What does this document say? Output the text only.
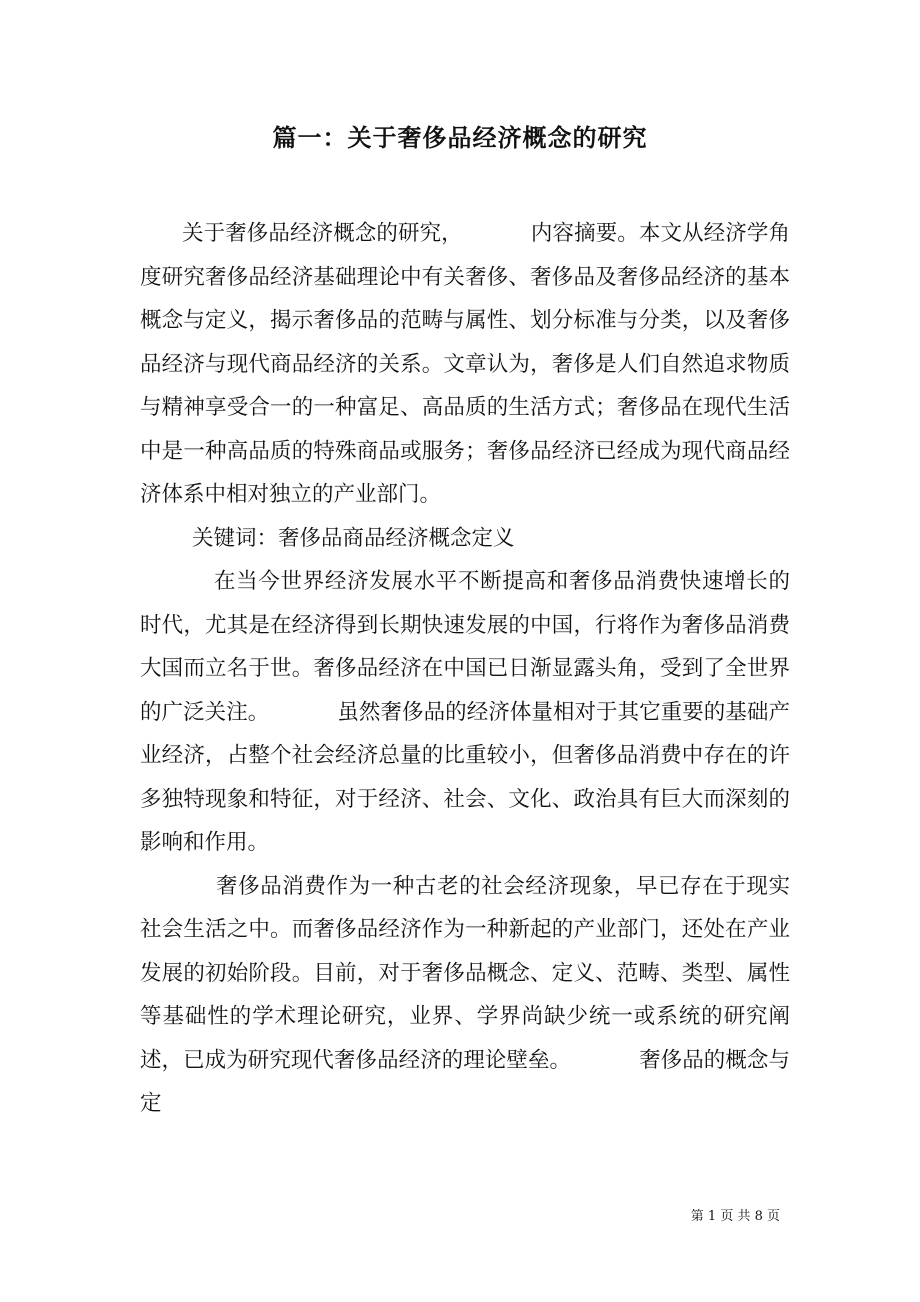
篇一：关于奢侈品经济概念的研究

关于奢侈品经济概念的研究，	内容摘要。本文从经济学角度研究奢侈品经济基础理论中有关奢侈、奢侈品及奢侈品经济的基本概念与定义，揭示奢侈品的范畴与属性、划分标准与分类，以及奢侈品经济与现代商品经济的关系。文章认为，奢侈是人们自然追求物质与精神享受合一的一种富足、高品质的生活方式；奢侈品在现代生活中是一种高品质的特殊商品或服务；奢侈品经济已经成为现代商品经济体系中相对独立的产业部门。

关键词：奢侈品商品经济概念定义

在当今世界经济发展水平不断提高和奢侈品消费快速增长的时代，尤其是在经济得到长期快速发展的中国，行将作为奢侈品消费大国而立名于世。奢侈品经济在中国已日渐显露头角，受到了全世界的广泛关注。	虽然奢侈品的经济体量相对于其它重要的基础产业经济，占整个社会经济总量的比重较小，但奢侈品消费中存在的许多独特现象和特征，对于经济、社会、文化、政治具有巨大而深刻的影响和作用。

奢侈品消费作为一种古老的社会经济现象，早已存在于现实社会生活之中。而奢侈品经济作为一种新起的产业部门，还处在产业发展的初始阶段。目前，对于奢侈品概念、定义、范畴、类型、属性等基础性的学术理论研究，业界、学界尚缺少统一或系统的研究阐述，已成为研究现代奢侈品经济的理论壁垒。	奢侈品的概念与定

第 1 页 共 8 页
